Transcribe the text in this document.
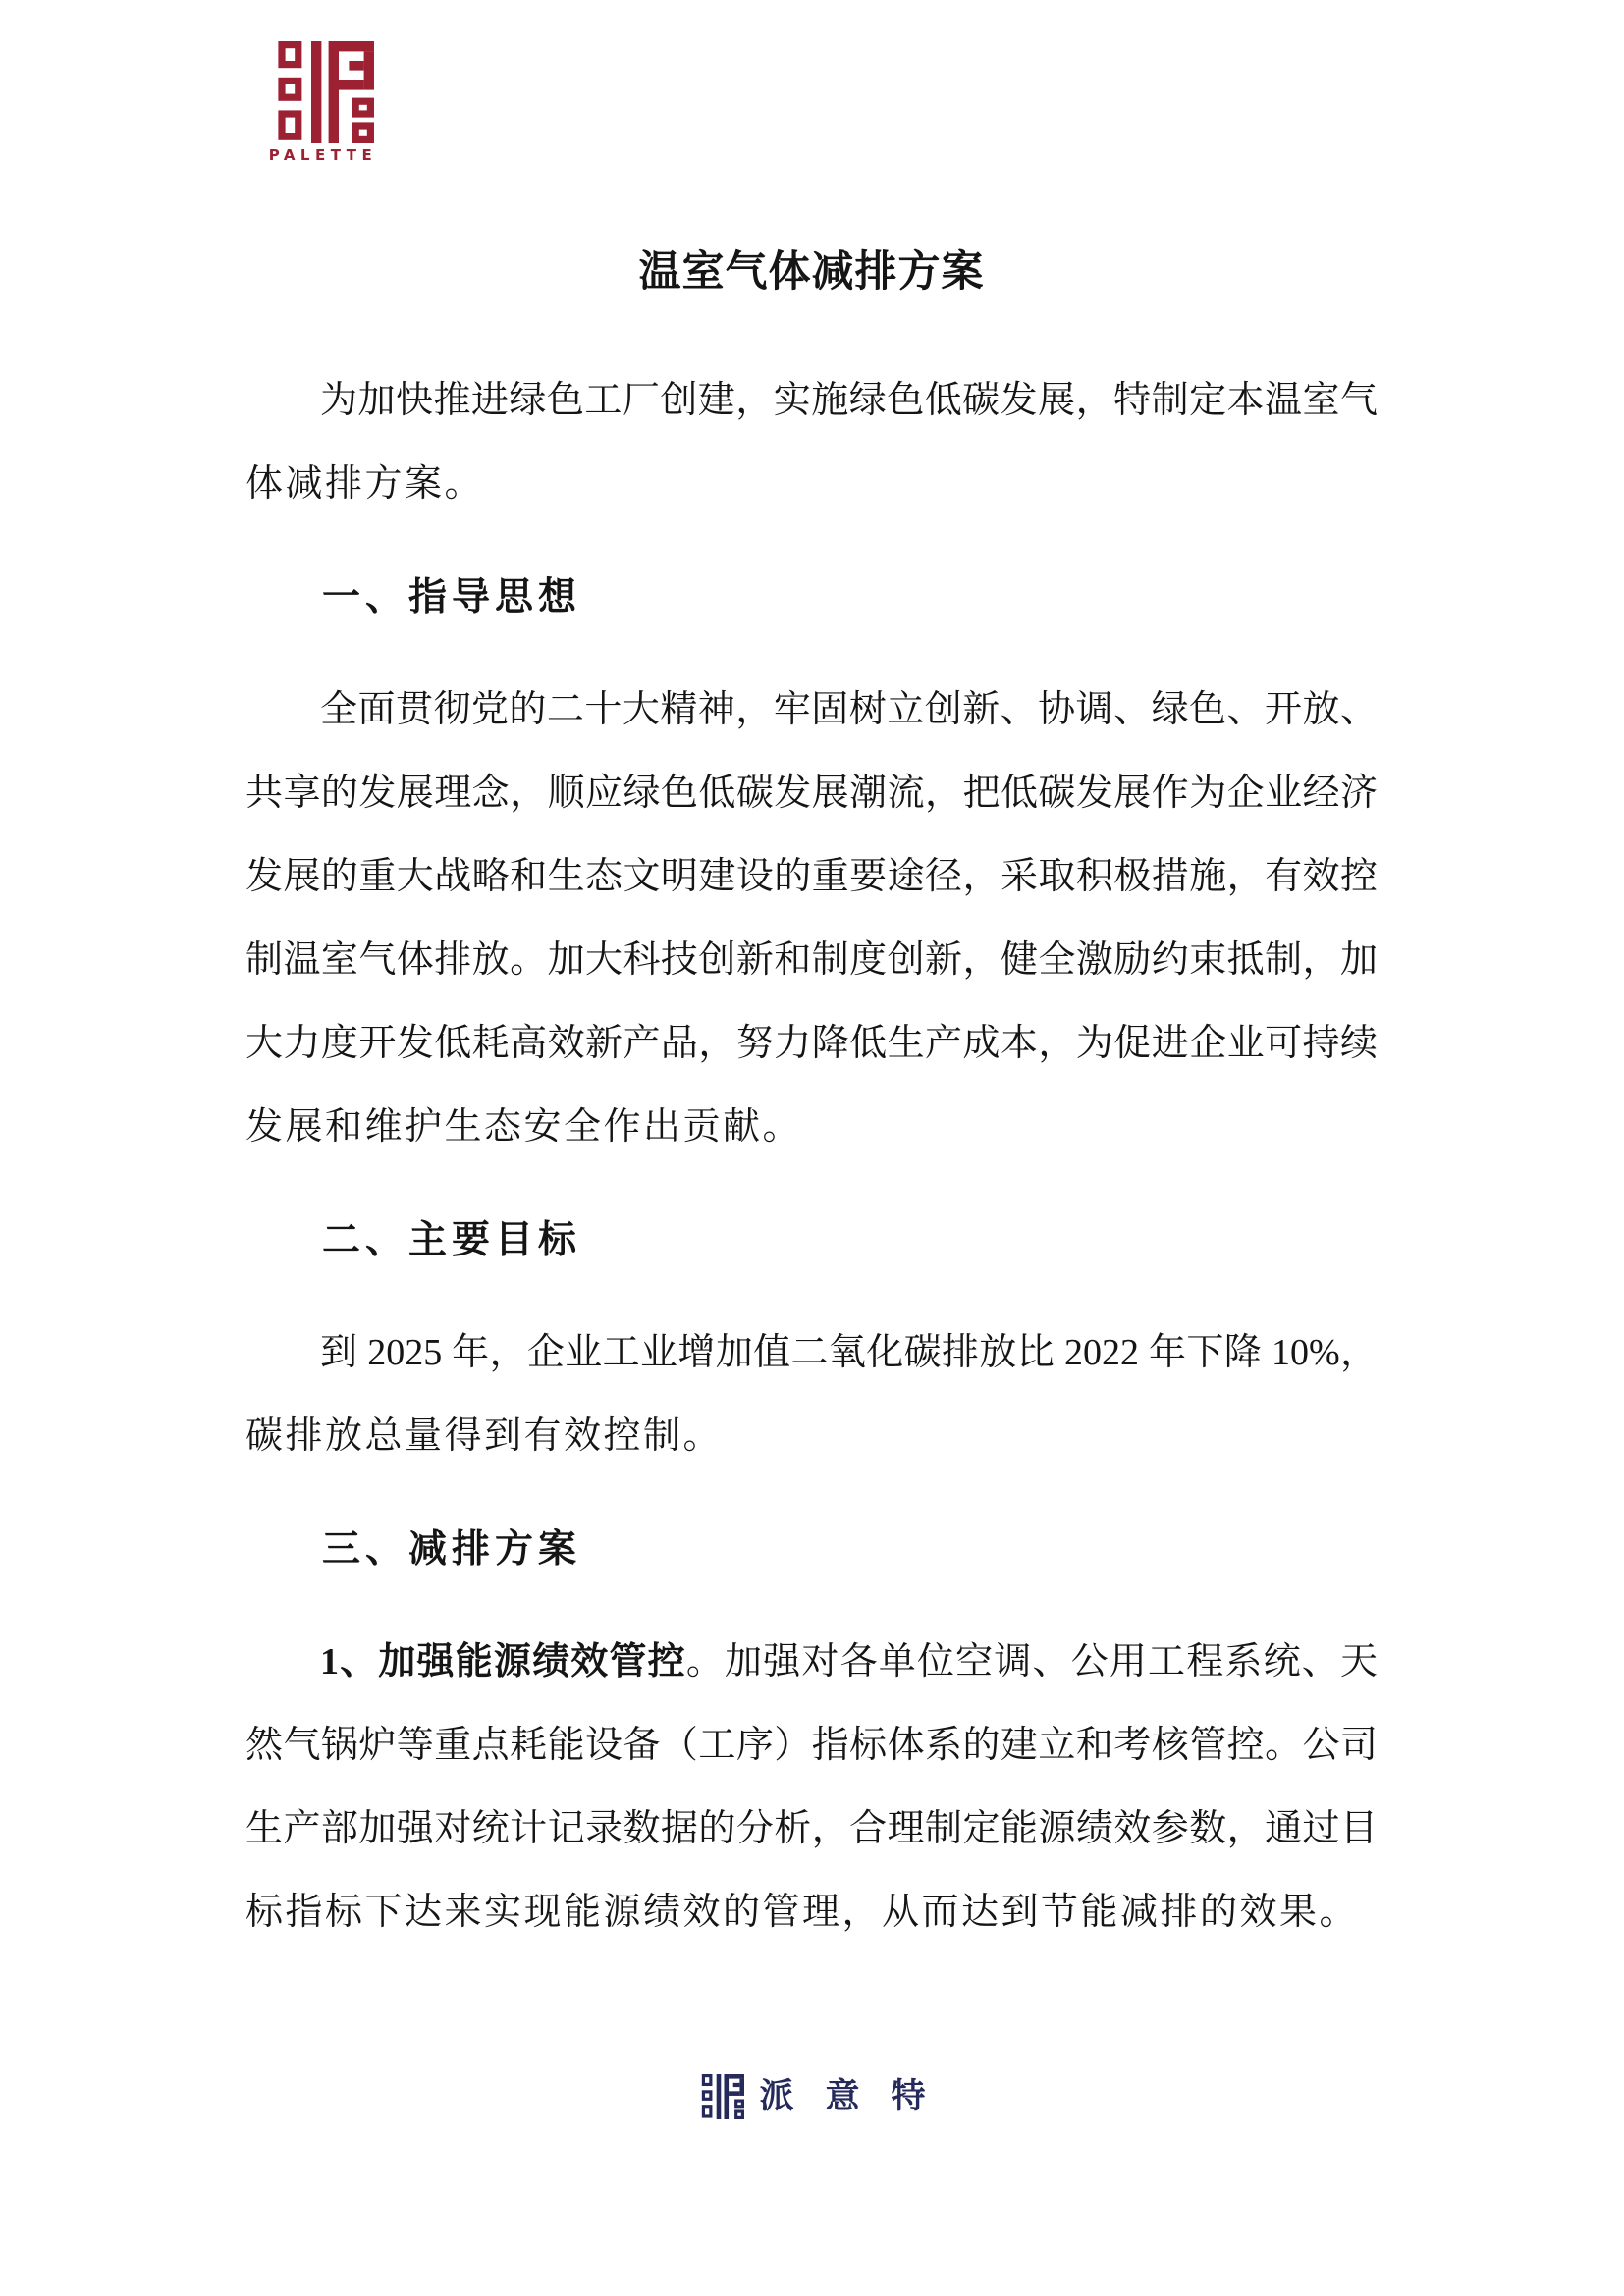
PALETTE
温室气体减排方案
为加快推进绿色工厂创建，实施绿色低碳发展，特制定本温室气
体减排方案。
一、指导思想
全面贯彻党的二十大精神，牢固树立创新、协调、绿色、开放、
共享的发展理念，顺应绿色低碳发展潮流，把低碳发展作为企业经济
发展的重大战略和生态文明建设的重要途径，采取积极措施，有效控
制温室气体排放。加大科技创新和制度创新，健全激励约束抵制，加
大力度开发低耗高效新产品，努力降低生产成本，为促进企业可持续
发展和维护生态安全作出贡献。
二、主要目标
到 2025 年，企业工业增加值二氧化碳排放比 2022 年下降 10%，
碳排放总量得到有效控制。
三、减排方案
1、加强能源绩效管控。加强对各单位空调、公用工程系统、天
然气锅炉等重点耗能设备（工序）指标体系的建立和考核管控。公司
生产部加强对统计记录数据的分析，合理制定能源绩效参数，通过目
标指标下达来实现能源绩效的管理，从而达到节能减排的效果。
派意特
